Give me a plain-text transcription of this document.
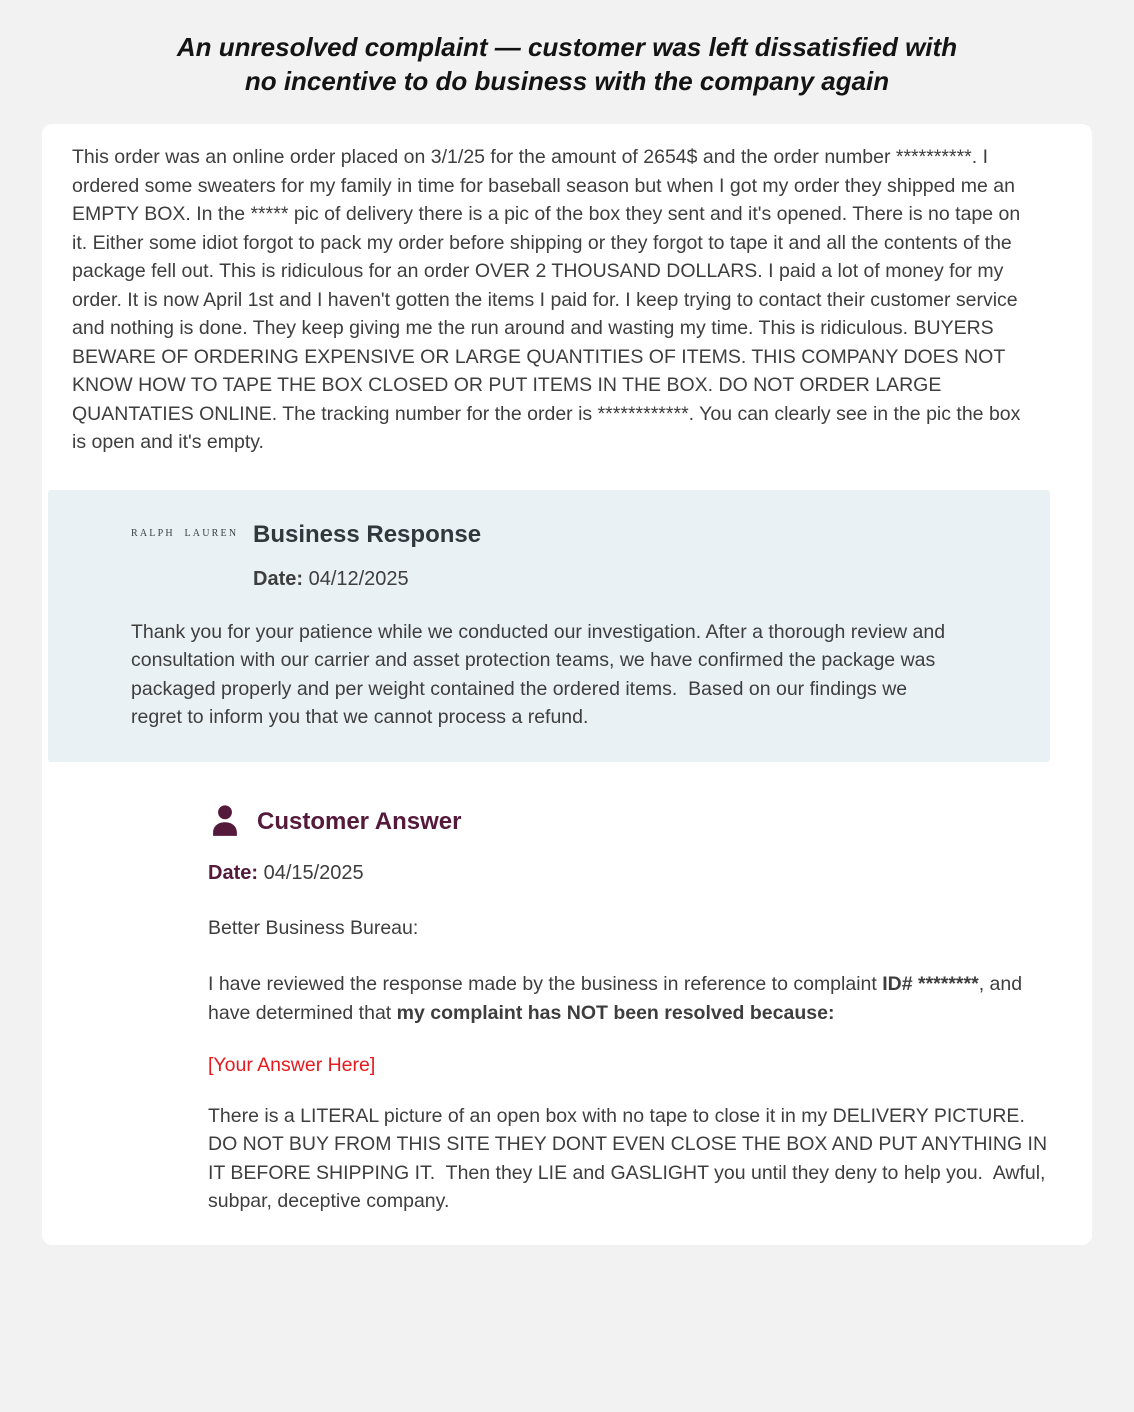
An unresolved complaint — customer was left dissatisfied with
no incentive to do business with the company again

This order was an online order placed on 3/1/25 for the amount of 2654$ and the order number **********. I ordered some sweaters for my family in time for baseball season but when I got my order they shipped me an EMPTY BOX. In the ***** pic of delivery there is a pic of the box they sent and it's opened. There is no tape on it. Either some idiot forgot to pack my order before shipping or they forgot to tape it and all the contents of the package fell out. This is ridiculous for an order OVER 2 THOUSAND DOLLARS. I paid a lot of money for my order. It is now April 1st and I haven't gotten the items I paid for. I keep trying to contact their customer service and nothing is done. They keep giving me the run around and wasting my time. This is ridiculous. BUYERS BEWARE OF ORDERING EXPENSIVE OR LARGE QUANTITIES OF ITEMS. THIS COMPANY DOES NOT KNOW HOW TO TAPE THE BOX CLOSED OR PUT ITEMS IN THE BOX. DO NOT ORDER LARGE QUANTATIES ONLINE. The tracking number for the order is ************. You can clearly see in the pic the box is open and it's empty.

RALPH LAUREN Business Response
Date: 04/12/2025

Thank you for your patience while we conducted our investigation. After a thorough review and consultation with our carrier and asset protection teams, we have confirmed the package was packaged properly and per weight contained the ordered items.  Based on our findings we regret to inform you that we cannot process a refund.

Customer Answer
Date: 04/15/2025

Better Business Bureau:

I have reviewed the response made by the business in reference to complaint ID# ********, and have determined that my complaint has NOT been resolved because:

[Your Answer Here]

There is a LITERAL picture of an open box with no tape to close it in my DELIVERY PICTURE.  DO NOT BUY FROM THIS SITE THEY DONT EVEN CLOSE THE BOX AND PUT ANYTHING IN IT BEFORE SHIPPING IT.  Then they LIE and GASLIGHT you until they deny to help you.  Awful, subpar, deceptive company.
